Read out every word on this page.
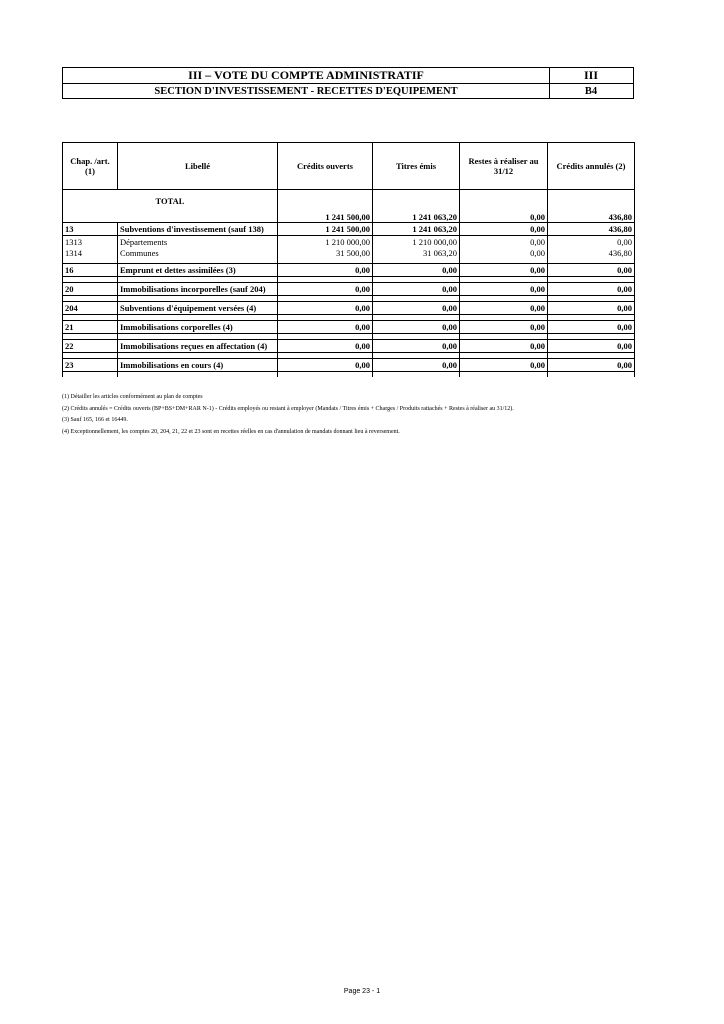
III – VOTE DU COMPTE ADMINISTRATIF
SECTION D'INVESTISSEMENT - RECETTES D'EQUIPEMENT
III
B4
Chap. /art. (1)	Libellé	Crédits ouverts	Titres émis	Restes à réaliser au 31/12	Crédits annulés (2)
TOTAL		1 241 500,00	1 241 063,20	0,00	436,80
13	Subventions d'investissement (sauf 138)	1 241 500,00	1 241 063,20	0,00	436,80
1313	Départements	1 210 000,00	1 210 000,00	0,00	0,00
1314	Communes	31 500,00	31 063,20	0,00	436,80

16	Emprunt et dettes assimilées (3)	0,00	0,00	0,00	0,00

20	Immobilisations incorporelles (sauf 204)	0,00	0,00	0,00	0,00

204	Subventions d'équipement versées (4)	0,00	0,00	0,00	0,00

21	Immobilisations corporelles (4)	0,00	0,00	0,00	0,00

22	Immobilisations reçues en affectation (4)	0,00	0,00	0,00	0,00

23	Immobilisations en cours (4)	0,00	0,00	0,00	0,00

(1) Détailler les articles conformément au plan de comptes
(2) Crédits annulés = Crédits ouverts (BP+BS+DM+RAR N-1) - Crédits employés ou restant à employer (Mandats / Titres émis + Charges / Produits rattachés + Restes à réaliser au 31/12).
(3) Sauf 165, 166 et 16449.
(4) Exceptionnellement, les comptes 20, 204, 21, 22 et 23 sont en recettes réelles en cas d'annulation de mandats donnant lieu à reversement.
Page 23 - 1
